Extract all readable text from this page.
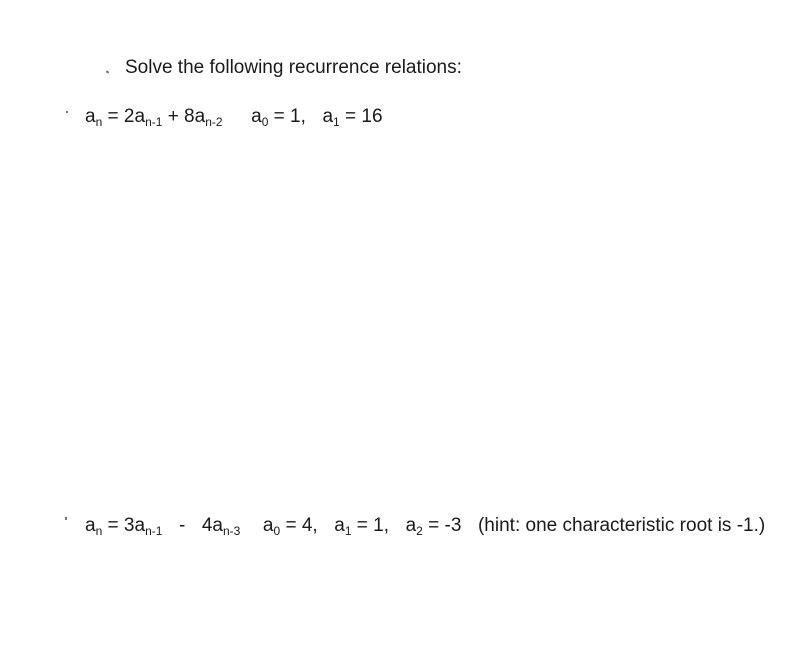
Solve the following recurrence relations:
$a_n = 2a_{n-1} + 8a_{n-2}$ $a_0 = 1$, $a_1 = 16$
$a_n = 3a_{n-1} - 4a_{n-3}$ $a_0 = 4$, $a_1 = 1$, $a_2 = -3$ (hint: one characteristic root is -1.)
